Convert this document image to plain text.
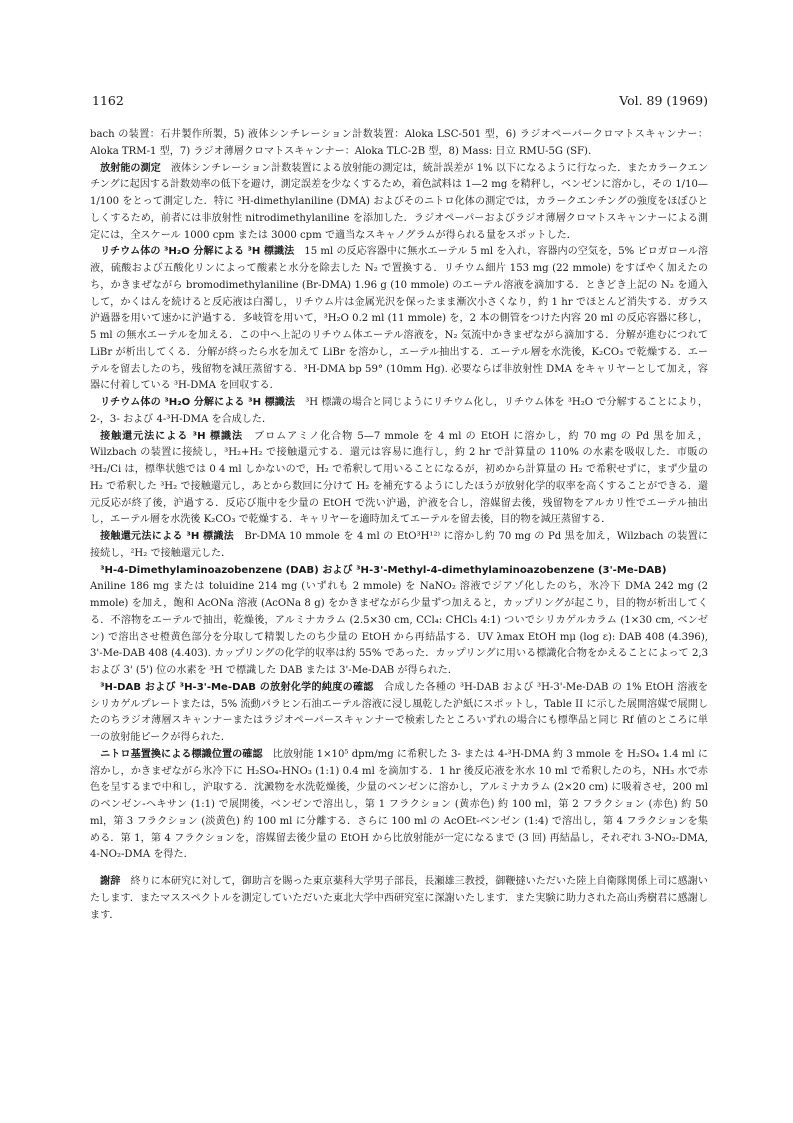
1162	Vol. 89 (1969)

bach の装置：石井製作所製，5) 液体シンチレーション計数装置：Aloka LSC-501 型，6) ラジオペーパークロマトスキャンナー：Aloka TRM-1 型，7) ラジオ薄層クロマトスキャンナー：Aloka TLC-2B 型，8) Mass: 日立 RMU-5G (SF).

放射能の測定　 液体シンチレーション計数装置による放射能の測定は，統計誤差が 1% 以下になるように行なった．またカラークエンチングに起因する計数効率の低下を避け，測定誤差を少なくするため，着色試料は 1—2 mg を精秤し，ベンゼンに溶かし，その 1/10—1/100 をとって測定した．特に ³H-dimethylaniline (DMA) およびそのニトロ化体の測定では，カラークエンチングの強度をほぼひとしくするため，前者には非放射性 nitrodimethylaniline を添加した．ラジオペーパーおよびラジオ薄層クロマトスキャンナーによる測定には，全スケール 1000 cpm または 3000 cpm で適当なスキャノグラムが得られる量をスポットした．

リチウム体の ³H₂O 分解による ³H 標識法　 15 ml の反応容器中に無水エーテル 5 ml を入れ，容器内の空気を，5% ピロガロール溶液，硫酸および五酸化リンによって酸素と水分を除去した N₂ で置換する．リチウム細片 153 mg (22 mmole) をすばやく加えたのち，かきまぜながら bromodimethylaniline (Br-DMA) 1.96 g (10 mmole) のエーテル溶液を滴加する．ときどき上記の N₂ を通入して，かくはんを続けると反応液は白濁し，リチウム片は金属光沢を保ったまま漸次小さくなり，約 1 hr でほとんど消失する．ガラス沪過器を用いて速かに沪過する．多岐管を用いて，³H₂O 0.2 ml (11 mmole) を，2 本の側管をつけた内容 20 ml の反応容器に移し，5 ml の無水エーテルを加える．この中へ上記のリチウム体エーテル溶液を，N₂ 気流中かきまぜながら滴加する．分解が進むにつれて LiBr が析出してくる．分解が終ったら水を加えて LiBr を溶かし，エーテル抽出する．エーテル層を水洗後，K₂CO₃ で乾燥する．エーテルを留去したのち，残留物を減圧蒸留する．³H-DMA bp 59° (10mm Hg). 必要ならば非放射性 DMA をキャリヤーとして加え，容器に付着している ³H-DMA を回収する．

リチウム体の ³H₂O 分解による ³H 標識法　 ³H 標識の場合と同じようにリチウム化し，リチウム体を ³H₂O で分解することにより，2-，3- および 4-³H-DMA を合成した．

接触還元法による ³H 標識法　 ブロムアミノ化合物 5—7 mmole を 4 ml の EtOH に溶かし，約 70 mg の Pd 黒を加え，Wilzbach の装置に接続し，³H₂+H₂ で接触還元する．還元は容易に進行し，約 2 hr で計算量の 110% の水素を吸収した．市販の ³H₂/Ci は，標準状態では 0 4 ml しかないので，H₂ で希釈して用いることになるが，初めから計算量の H₂ で希釈せずに，まず少量の H₂ で希釈した ³H₂ で接触還元し，あとから数回に分けて H₂ を補充するようにしたほうが放射化学的収率を高くすることができる．還元反応が終了後，沪過する．反応び瓶中を少量の EtOH で洗い沪過，沪液を合し，溶媒留去後，残留物をアルカリ性でエーテル抽出し，エーテル層を水洗後 K₂CO₃ で乾燥する．キャリヤーを適時加えてエーテルを留去後，目的物を減圧蒸留する．

接触還元法による ³H 標識法　 Br-DMA 10 mmole を 4 ml の EtO³H¹²⁾ に溶かし約 70 mg の Pd 黒を加え，Wilzbach の装置に接続し，²H₂ で接触還元した．

³H-4-Dimethylaminoazobenzene (DAB) および ³H-3'-Methyl-4-dimethylaminoazobenzene (3'-Me-DAB)

Aniline 186 mg または toluidine 214 mg (いずれも 2 mmole) を NaNO₂ 溶液でジアゾ化したのち，氷冷下 DMA 242 mg (2 mmole) を加え，飽和 AcONa 溶液 (AcONa 8 g) をかきまぜながら少量ずつ加えると，カップリングが起こり，目的物が析出してくる．不溶物をエーテルで抽出，乾燥後，アルミナカラム (2.5×30 cm, CCl₄: CHCl₃ 4:1) ついでシリカゲルカラム (1×30 cm, ベンゼン) で溶出させ橙黄色部分を分取して精製したのち少量の EtOH から再結晶する．UV λmax EtOH mμ (log ε): DAB 408 (4.396), 3'-Me-DAB 408 (4.403). カップリングの化学的収率は約 55% であった．カップリングに用いる標識化合物をかえることによって 2,3 および 3' (5') 位の水素を ³H で標識した DAB または 3'-Me-DAB が得られた．

³H-DAB および ³H-3'-Me-DAB の放射化学的純度の確認　 合成した各種の ³H-DAB および ³H-3'-Me-DAB の 1% EtOH 溶液をシリカゲルプレートまたは，5% 流動パラヒン石油エーテル溶液に浸し風乾した沪紙にスポットし，Table II に示した展開溶媒で展開したのちラジオ薄層スキャンナーまたはラジオペーパースキャンナーで検索したところいずれの場合にも標準品と同じ Rf 値のところに単一の放射能ピークが得られた．

ニトロ基置換による標識位置の確認　 比放射能 1×10⁵ dpm/mg に希釈した 3- または 4-³H-DMA 約 3 mmole を H₂SO₄ 1.4 ml に溶かし，かきまぜながら氷冷下に H₂SO₄-HNO₃ (1:1) 0.4 ml を滴加する．1 hr 後反応液を氷水 10 ml で希釈したのち，NH₃ 水で赤色を呈するまで中和し，沪取する．沈澱物を水洗乾燥後，少量のベンゼンに溶かし，アルミナカラム (2×20 cm) に吸着させ，200 ml のベンゼン-ヘキサン (1:1) で展開後，ベンゼンで溶出し，第 1 フラクション (黄赤色) 約 100 ml，第 2 フラクション (赤色) 約 50 ml，第 3 フラクション (淡黄色) 約 100 ml に分離する．さらに 100 ml の AcOEt-ベンゼン (1:4) で溶出し，第 4 フラクションを集める．第 1，第 4 フラクションを，溶媒留去後少量の EtOH から比放射能が一定になるまで (3 回) 再結晶し，それぞれ 3-NO₂-DMA, 4-NO₂-DMA を得た．

謝辞　 終りに本研究に対して，御助言を賜った東京薬科大学男子部長，長瀬雄三教授，御鞭撻いただいた陸上自衛隊関係上司に感謝いたします．またマススペクトルを測定していただいた東北大学中西研究室に深謝いたします．また実験に助力された高山秀樹君に感謝します．
